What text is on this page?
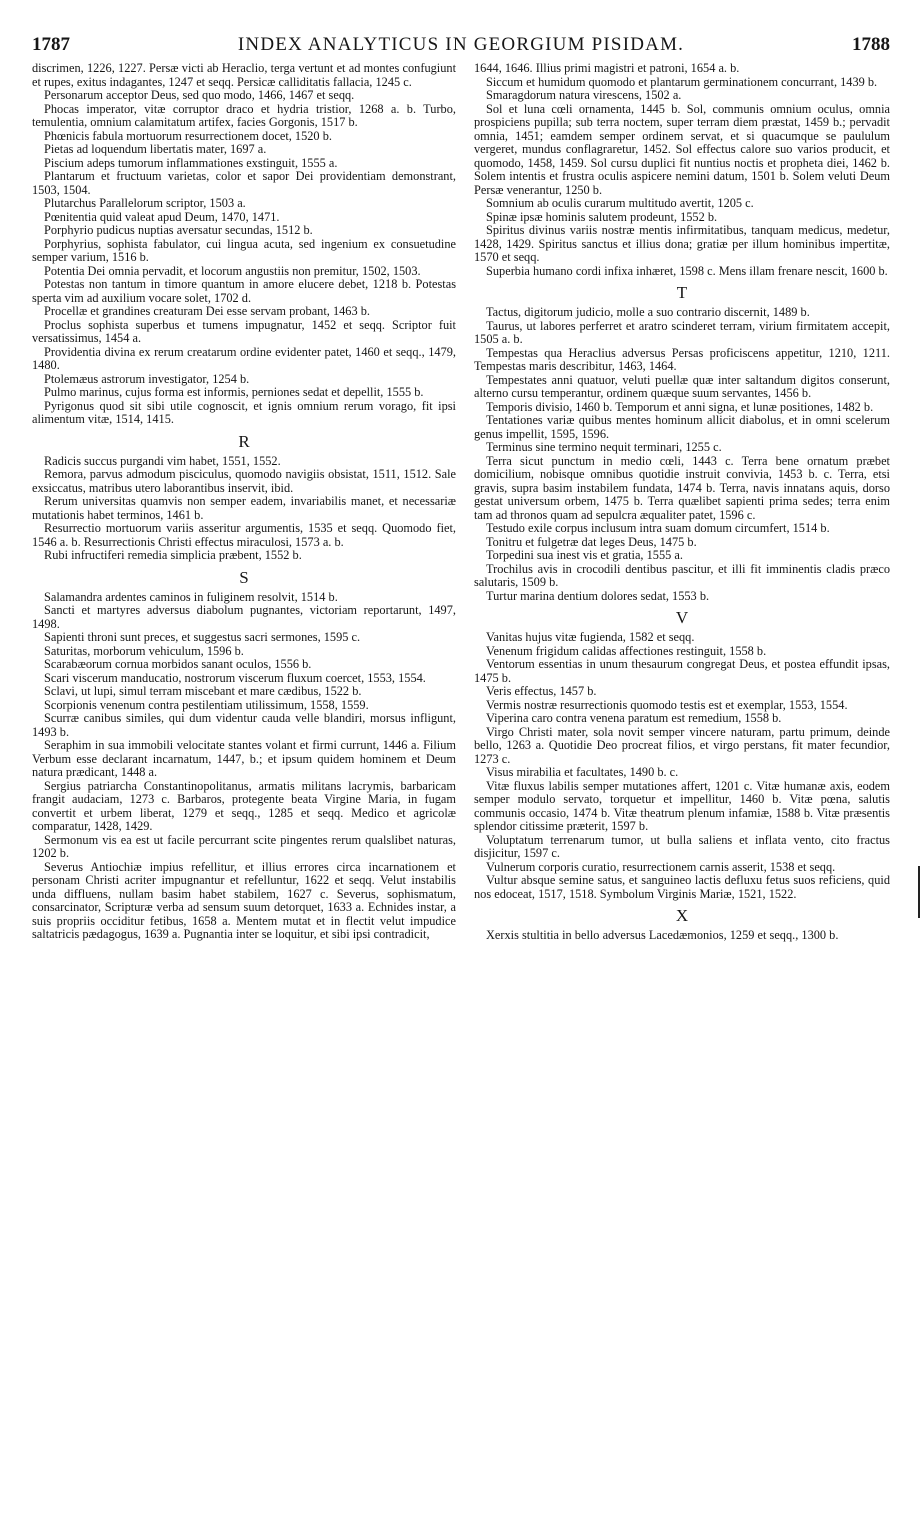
1787	INDEX ANALYTICUS IN GEORGIUM PISIDAM.	1788

discrimen, 1226, 1227. Persæ victi ab Heraclio, terga vertunt et ad montes confugiunt et rupes, exitus indagantes, 1247 et seqq. Persicæ calliditatis fallacia, 1245 c.

Personarum acceptor Deus, sed quo modo, 1466, 1467 et seqq.

Phocas imperator, vitæ corruptor draco et hydria tristior, 1268 a. b. Turbo, temulentia, omnium calamitatum artifex, facies Gorgonis, 1517 b.

Phœnicis fabula mortuorum resurrectionem docet, 1520 b.

Pietas ad loquendum libertatis mater, 1697 a.

Piscium adeps tumorum inflammationes exstinguit, 1555 a.

Plantarum et fructuum varietas, color et sapor Dei providentiam demonstrant, 1503, 1504.

Plutarchus Parallelorum scriptor, 1503 a.

Pœnitentia quid valeat apud Deum, 1470, 1471.

Porphyrio pudicus nuptias aversatur secundas, 1512 b.

Porphyrius, sophista fabulator, cui lingua acuta, sed ingenium ex consuetudine semper varium, 1516 b.

Potentia Dei omnia pervadit, et locorum angustiis non premitur, 1502, 1503.

Potestas non tantum in timore quantum in amore elucere debet, 1218 b. Potestas sperta vim ad auxilium vocare solet, 1702 d.

Procellæ et grandines creaturam Dei esse servam probant, 1463 b.

Proclus sophista superbus et tumens impugnatur, 1452 et seqq. Scriptor fuit versatissimus, 1454 a.

Providentia divina ex rerum creatarum ordine evidenter patet, 1460 et seqq., 1479, 1480.

Ptolemæus astrorum investigator, 1254 b.

Pulmo marinus, cujus forma est informis, perniones sedat et depellit, 1555 b.

Pyrigonus quod sit sibi utile cognoscit, et ignis omnium rerum vorago, fit ipsi alimentum vitæ, 1514, 1415.

R

Radicis succus purgandi vim habet, 1551, 1552.

Remora, parvus admodum pisciculus, quomodo navigiis obsistat, 1511, 1512. Sale exsiccatus, matribus utero laborantibus inservit, ibid.

Rerum universitas quamvis non semper eadem, invariabilis manet, et necessariæ mutationis habet terminos, 1461 b.

Resurrectio mortuorum variis asseritur argumentis, 1535 et seqq. Quomodo fiet, 1546 a. b. Resurrectionis Christi effectus miraculosi, 1573 a. b.

Rubi infructiferi remedia simplicia præbent, 1552 b.

S

Salamandra ardentes caminos in fuliginem resolvit, 1514 b.

Sancti et martyres adversus diabolum pugnantes, victoriam reportarunt, 1497, 1498.

Sapienti throni sunt preces, et suggestus sacri sermones, 1595 c.

Saturitas, morborum vehiculum, 1596 b.

Scarabæorum cornua morbidos sanant oculos, 1556 b.

Scari viscerum manducatio, nostrorum viscerum fluxum coercet, 1553, 1554.

Sclavi, ut lupi, simul terram miscebant et mare cædibus, 1522 b.

Scorpionis venenum contra pestilentiam utilissimum, 1558, 1559.

Scurræ canibus similes, qui dum videntur cauda velle blandiri, morsus infligunt, 1493 b.

Seraphim in sua immobili velocitate stantes volant et firmi currunt, 1446 a. Filium Verbum esse declarant incarnatum, 1447, b.; et ipsum quidem hominem et Deum natura prædicant, 1448 a.

Sergius patriarcha Constantinopolitanus, armatis militans lacrymis, barbaricam frangit audaciam, 1273 c. Barbaros, protegente beata Virgine Maria, in fugam convertit et urbem liberat, 1279 et seqq., 1285 et seqq. Medico et agricolæ comparatur, 1428, 1429.

Sermonum vis ea est ut facile percurrant scite pingentes rerum qualslibet naturas, 1202 b.

Severus Antiochiæ impius refellitur, et illius errores circa incarnationem et personam Christi acriter impugnantur et refelluntur, 1622 et seqq. Velut instabilis unda diffluens, nullam basim habet stabilem, 1627 c. Severus, sophismatum, consarcinator, Scripturæ verba ad sensum suum detorquet, 1633 a. Echnides instar, a suis propriis occiditur fetibus, 1658 a. Mentem mutat et in flectit velut impudice saltatricis pædagogus, 1639 a. Pugnantia inter se loquitur, et sibi ipsi contradicit,

1644, 1646. Illius primi magistri et patroni, 1654 a. b.

Siccum et humidum quomodo et plantarum germinationem concurrant, 1439 b.

Smaragdorum natura virescens, 1502 a.

Sol et luna cœli ornamenta, 1445 b. Sol, communis omnium oculus, omnia prospiciens pupilla; sub terra noctem, super terram diem præstat, 1459 b.; pervadit omnia, 1451; eamdem semper ordinem servat, et si quacumque se paululum vergeret, mundus conflagraretur, 1452. Sol effectus calore suo varios producit, et quomodo, 1458, 1459. Sol cursu duplici fit nuntius noctis et propheta diei, 1462 b. Solem intentis et frustra oculis aspicere nemini datum, 1501 b. Solem veluti Deum Persæ venerantur, 1250 b.

Somnium ab oculis curarum multitudo avertit, 1205 c.

Spinæ ipsæ hominis salutem prodeunt, 1552 b.

Spiritus divinus variis nostræ mentis infirmitatibus, tanquam medicus, medetur, 1428, 1429. Spiritus sanctus et illius dona; gratiæ per illum hominibus impertitæ, 1570 et seqq.

Superbia humano cordi infixa inhæret, 1598 c. Mens illam frenare nescit, 1600 b.

T

Tactus, digitorum judicio, molle a suo contrario discernit, 1489 b.

Taurus, ut labores perferret et aratro scinderet terram, virium firmitatem accepit, 1505 a. b.

Tempestas qua Heraclius adversus Persas proficiscens appetitur, 1210, 1211. Tempestas maris describitur, 1463, 1464.

Tempestates anni quatuor, veluti puellæ quæ inter saltandum digitos conserunt, alterno cursu temperantur, ordinem quæque suum servantes, 1456 b.

Temporis divisio, 1460 b. Temporum et anni signa, et lunæ positiones, 1482 b.

Tentationes variæ quibus mentes hominum allicit diabolus, et in omni scelerum genus impellit, 1595, 1596.

Terminus sine termino nequit terminari, 1255 c.

Terra sicut punctum in medio cœli, 1443 c. Terra bene ornatum præbet domicilium, nobisque omnibus quotidie instruit convivia, 1453 b. c. Terra, etsi gravis, supra basim instabilem fundata, 1474 b. Terra, navis innatans aquis, dorso gestat universum orbem, 1475 b. Terra quælibet sapienti prima sedes; terra enim tam ad thronos quam ad sepulcra æqualiter patet, 1596 c.

Testudo exile corpus inclusum intra suam domum circumfert, 1514 b.

Tonitru et fulgetræ dat leges Deus, 1475 b.

Torpedini sua inest vis et gratia, 1555 a.

Trochilus avis in crocodili dentibus pascitur, et illi fit imminentis cladis præco salutaris, 1509 b.

Turtur marina dentium dolores sedat, 1553 b.

V

Vanitas hujus vitæ fugienda, 1582 et seqq.

Venenum frigidum calidas affectiones restinguit, 1558 b.

Ventorum essentias in unum thesaurum congregat Deus, et postea effundit ipsas, 1475 b.

Veris effectus, 1457 b.

Vermis nostræ resurrectionis quomodo testis est et exemplar, 1553, 1554.

Viperina caro contra venena paratum est remedium, 1558 b.

Virgo Christi mater, sola novit semper vincere naturam, partu primum, deinde bello, 1263 a. Quotidie Deo procreat filios, et virgo perstans, fit mater fecundior, 1273 c.

Visus mirabilia et facultates, 1490 b. c.

Vitæ fluxus labilis semper mutationes affert, 1201 c. Vitæ humanæ axis, eodem semper modulo servato, torquetur et impellitur, 1460 b. Vitæ pœna, salutis communis occasio, 1474 b. Vitæ theatrum plenum infamiæ, 1588 b. Vitæ præsentis splendor citissime præterit, 1597 b.

Voluptatum terrenarum tumor, ut bulla saliens et inflata vento, cito fractus disjicitur, 1597 c.

Vulnerum corporis curatio, resurrectionem carnis asserit, 1538 et seqq.

Vultur absque semine satus, et sanguineo lactis defluxu fetus suos reficiens, quid nos edoceat, 1517, 1518. Symbolum Virginis Mariæ, 1521, 1522.

X

Xerxis stultitia in bello adversus Lacedæmonios, 1259 et seqq., 1300 b.
